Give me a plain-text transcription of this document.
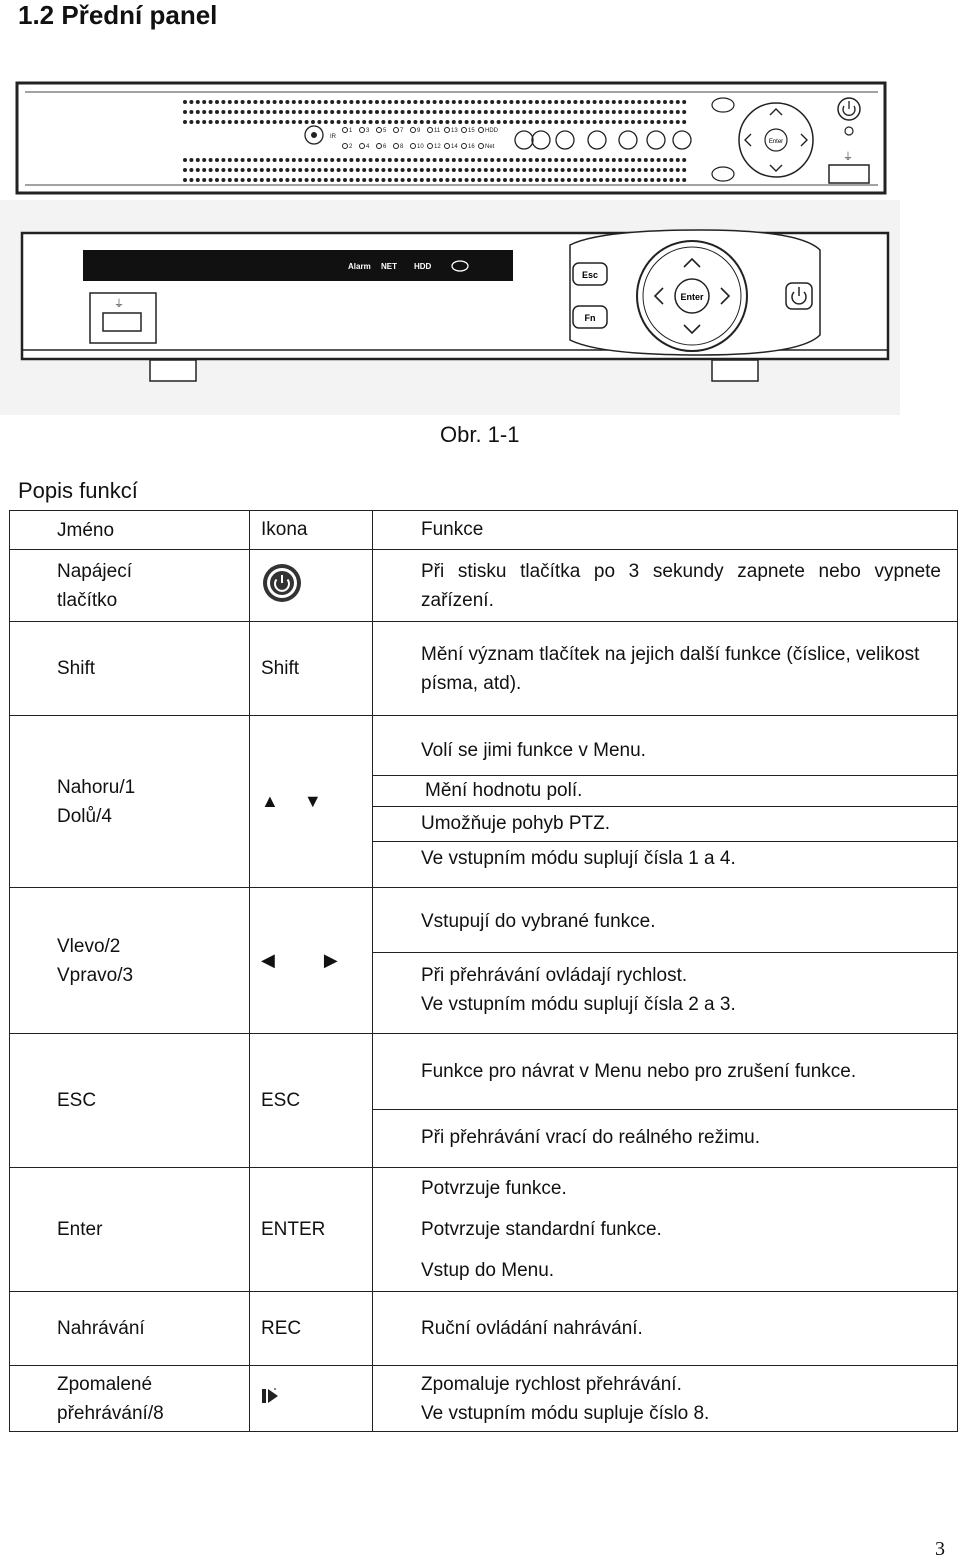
1.2 Přední panel
IR
1 3 5 7 9 11 13 15 HDD
2 4 6 8 10 12 14 16 Net
Enter
⏚
Alarm NET HDD
⏚
Esc
Fn
Enter
Obr. 1-1
Popis funkcí
Jméno	Ikona	Funkce

Napájecí
tlačítko		Při stisku tlačítka po 3 sekundy zapnete nebo vypnete zařízení.

Shift	Shift	Mění význam tlačítek na jejich další funkce (číslice, velikost písma, atd).

Nahoru/1
Dolů/4	▲ ▼	Volí se jimi funkce v Menu.
Mění hodnotu polí.
Umožňuje pohyb PTZ.
Ve vstupním módu suplují čísla 1 a 4.

Vlevo/2
Vpravo/3	◀ ▶	Vstupují do vybrané funkce.
Při přehrávání ovládají rychlost.
Ve vstupním módu suplují čísla 2 a 3.

ESC	ESC	Funkce pro návrat v Menu nebo pro zrušení funkce.
Při přehrávání vrací do reálného režimu.

Enter	ENTER	Potvrzuje funkce.
Potvrzuje standardní funkce.
Vstup do Menu.

Nahrávání	REC	Ruční ovládání nahrávání.

Zpomalené
přehrávání/8		Zpomaluje rychlost přehrávání.
Ve vstupním módu supluje číslo 8.
3
